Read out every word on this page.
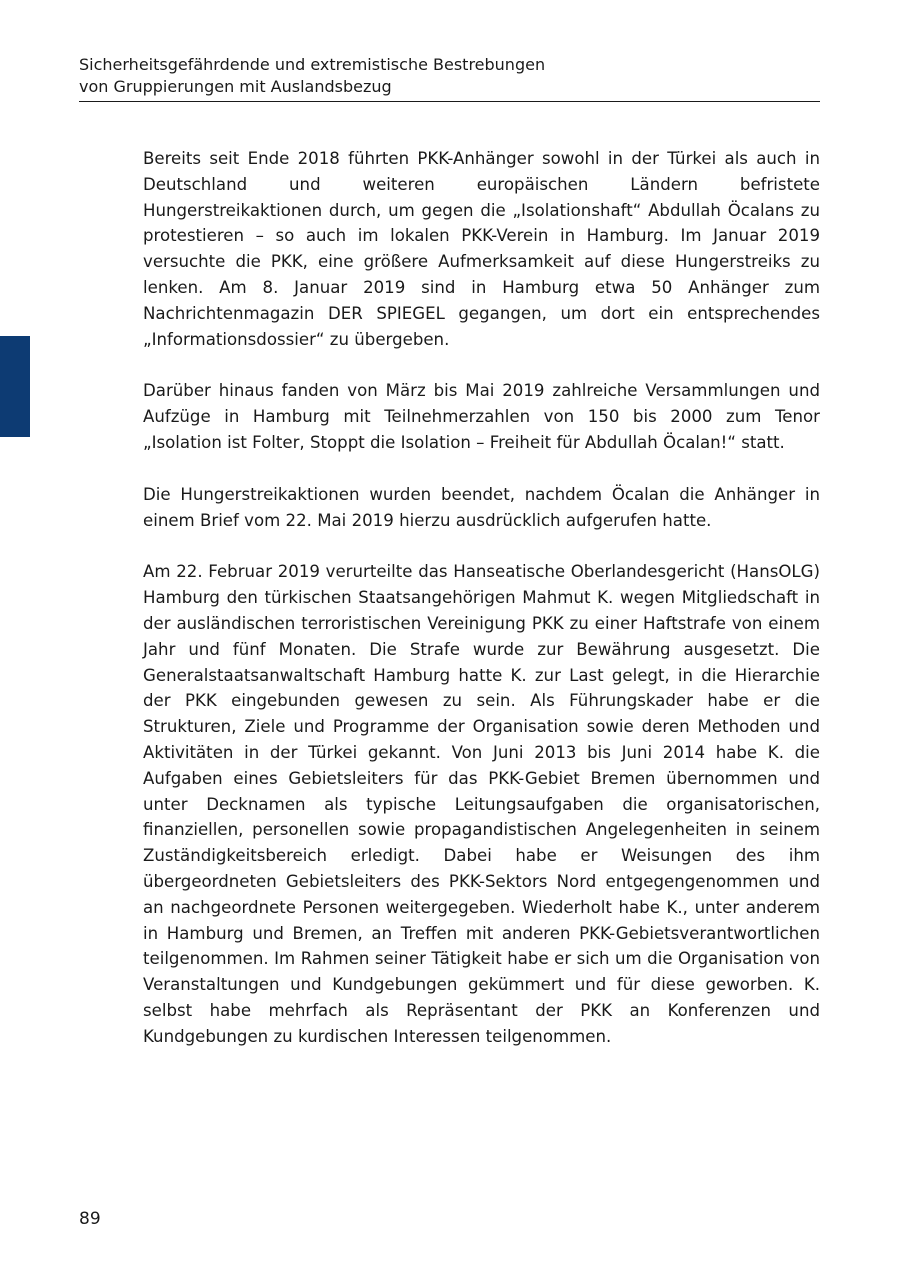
Sicherheitsgefährdende und extremistische Bestrebungen
von Gruppierungen mit Auslandsbezug

Bereits seit Ende 2018 führten PKK-Anhänger sowohl in der Türkei als auch in Deutschland und weiteren europäischen Ländern befristete Hungerstreikaktionen durch, um gegen die „Isolationshaft“ Abdullah Öcalans zu protestieren – so auch im lokalen PKK-Verein in Hamburg. Im Januar 2019 versuchte die PKK, eine größere Aufmerksamkeit auf diese Hungerstreiks zu lenken. Am 8. Januar 2019 sind in Hamburg etwa 50 Anhänger zum Nachrichtenmagazin DER SPIEGEL gegangen, um dort ein entsprechendes „Informationsdossier“ zu übergeben.

Darüber hinaus fanden von März bis Mai 2019 zahlreiche Versammlungen und Aufzüge in Hamburg mit Teilnehmerzahlen von 150 bis 2000 zum Tenor „Isolation ist Folter, Stoppt die Isolation – Freiheit für Abdullah Öcalan!“ statt.

Die Hungerstreikaktionen wurden beendet, nachdem Öcalan die Anhänger in einem Brief vom 22. Mai 2019 hierzu ausdrücklich aufgerufen hatte.

Am 22. Februar 2019 verurteilte das Hanseatische Oberlandesgericht (HansOLG) Hamburg den türkischen Staatsangehörigen Mahmut K. wegen Mitgliedschaft in der ausländischen terroristischen Vereinigung PKK zu einer Haftstrafe von einem Jahr und fünf Monaten. Die Strafe wurde zur Bewährung ausgesetzt. Die Generalstaatsanwaltschaft Hamburg hatte K. zur Last gelegt, in die Hierarchie der PKK eingebunden gewesen zu sein. Als Führungskader habe er die Strukturen, Ziele und Programme der Organisation sowie deren Methoden und Aktivitäten in der Türkei gekannt. Von Juni 2013 bis Juni 2014 habe K. die Aufgaben eines Gebietsleiters für das PKK-Gebiet Bremen übernommen und unter Decknamen als typische Leitungsaufgaben die organisatorischen, finanziellen, personellen sowie propagandistischen Angelegenheiten in seinem Zuständigkeitsbereich erledigt. Dabei habe er Weisungen des ihm übergeordneten Gebietsleiters des PKK-Sektors Nord entgegengenommen und an nachgeordnete Personen weitergegeben. Wiederholt habe K., unter anderem in Hamburg und Bremen, an Treffen mit anderen PKK-Gebietsverantwortlichen teilgenommen. Im Rahmen seiner Tätigkeit habe er sich um die Organisation von Veranstaltungen und Kundgebungen gekümmert und für diese geworben. K. selbst habe mehrfach als Repräsentant der PKK an Konferenzen und Kundgebungen zu kurdischen Interessen teilgenommen.

89
